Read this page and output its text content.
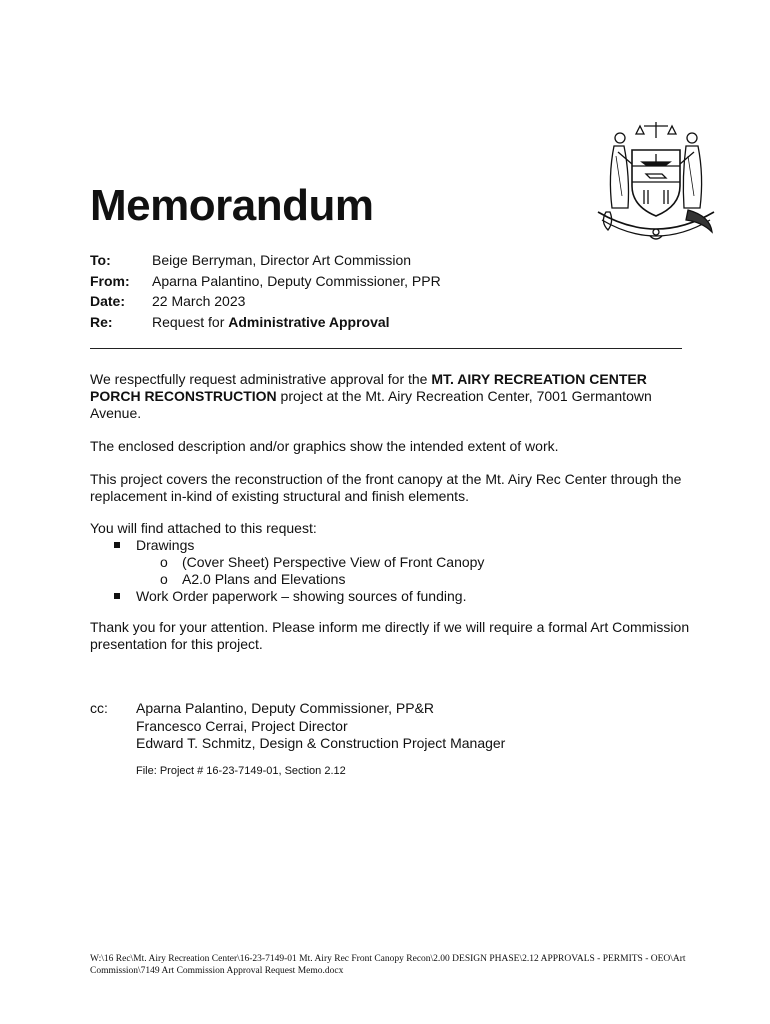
Memorandum
To:	Beige Berryman, Director Art Commission
From:	Aparna Palantino, Deputy Commissioner, PPR
Date:	22 March 2023
Re:	Request for Administrative Approval

We respectfully request administrative approval for the MT. AIRY RECREATION CENTER PORCH RECONSTRUCTION project at the Mt. Airy Recreation Center, 7001 Germantown Avenue.

The enclosed description and/or graphics show the intended extent of work.

This project covers the reconstruction of the front canopy at the Mt. Airy Rec Center through the replacement in-kind of existing structural and finish elements.

You will find attached to this request:
Drawings
o (Cover Sheet) Perspective View of Front Canopy
o A2.0 Plans and Elevations
Work Order paperwork – showing sources of funding.

Thank you for your attention. Please inform me directly if we will require a formal Art Commission presentation for this project.

cc: Aparna Palantino, Deputy Commissioner, PP&R
Francesco Cerrai, Project Director
Edward T. Schmitz, Design & Construction Project Manager
File: Project # 16-23-7149-01, Section 2.12
W:\16 Rec\Mt. Airy Recreation Center\16-23-7149-01 Mt. Airy Rec Front Canopy Recon\2.00 DESIGN PHASE\2.12 APPROVALS - PERMITS - OEO\Art Commission\7149 Art Commission Approval Request Memo.docx
